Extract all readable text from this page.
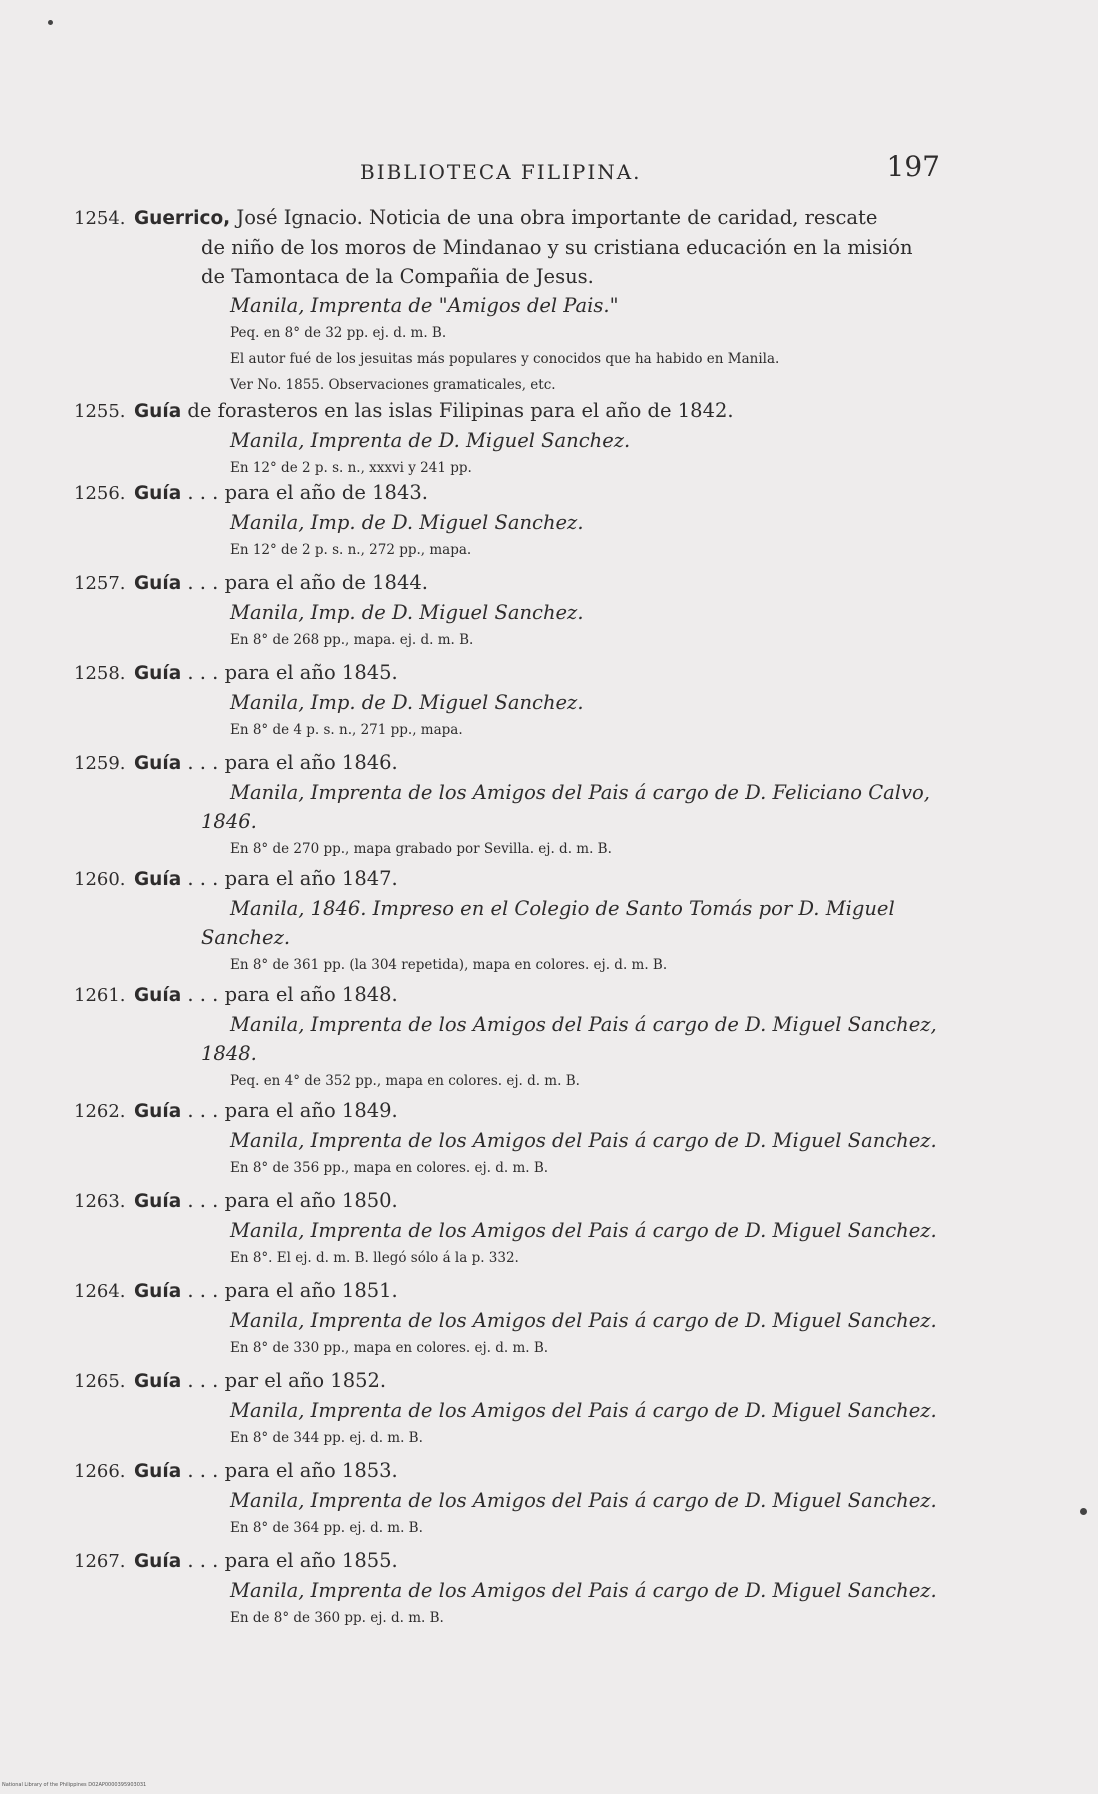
BIBLIOTECA FILIPINA.	197
1254. Guerrico, José Ignacio. Noticia de una obra importante de caridad, rescate
de niño de los moros de Mindanao y su cristiana educación en la misión
de Tamontaca de la Compañia de Jesus.
Manila, Imprenta de "Amigos del Pais."
Peq. en 8° de 32 pp. ej. d. m. B.
El autor fué de los jesuitas más populares y conocidos que ha habido en Manila.
Ver No. 1855. Observaciones gramaticales, etc.
1255. Guía de forasteros en las islas Filipinas para el año de 1842.
Manila, Imprenta de D. Miguel Sanchez.
En 12° de 2 p. s. n., xxxvi y 241 pp.
1256. Guía . . . para el año de 1843.
Manila, Imp. de D. Miguel Sanchez.
En 12° de 2 p. s. n., 272 pp., mapa.
1257. Guía . . . para el año de 1844.
Manila, Imp. de D. Miguel Sanchez.
En 8° de 268 pp., mapa. ej. d. m. B.
1258. Guía . . . para el año 1845.
Manila, Imp. de D. Miguel Sanchez.
En 8° de 4 p. s. n., 271 pp., mapa.
1259. Guía . . . para el año 1846.
Manila, Imprenta de los Amigos del Pais á cargo de D. Feliciano Calvo,
1846.
En 8° de 270 pp., mapa grabado por Sevilla. ej. d. m. B.
1260. Guía . . . para el año 1847.
Manila, 1846. Impreso en el Colegio de Santo Tomás por D. Miguel
Sanchez.
En 8° de 361 pp. (la 304 repetida), mapa en colores. ej. d. m. B.
1261. Guía . . . para el año 1848.
Manila, Imprenta de los Amigos del Pais á cargo de D. Miguel Sanchez,
1848.
Peq. en 4° de 352 pp., mapa en colores. ej. d. m. B.
1262. Guía . . . para el año 1849.
Manila, Imprenta de los Amigos del Pais á cargo de D. Miguel Sanchez.
En 8° de 356 pp., mapa en colores. ej. d. m. B.
1263. Guía . . . para el año 1850.
Manila, Imprenta de los Amigos del Pais á cargo de D. Miguel Sanchez.
En 8°. El ej. d. m. B. llegó sólo á la p. 332.
1264. Guía . . . para el año 1851.
Manila, Imprenta de los Amigos del Pais á cargo de D. Miguel Sanchez.
En 8° de 330 pp., mapa en colores. ej. d. m. B.
1265. Guía . . . par el año 1852.
Manila, Imprenta de los Amigos del Pais á cargo de D. Miguel Sanchez.
En 8° de 344 pp. ej. d. m. B.
1266. Guía . . . para el año 1853.
Manila, Imprenta de los Amigos del Pais á cargo de D. Miguel Sanchez.
En 8° de 364 pp. ej. d. m. B.
1267. Guía . . . para el año 1855.
Manila, Imprenta de los Amigos del Pais á cargo de D. Miguel Sanchez.
En de 8° de 360 pp. ej. d. m. B.
National Library of the Philippines D02AP0000395903031
